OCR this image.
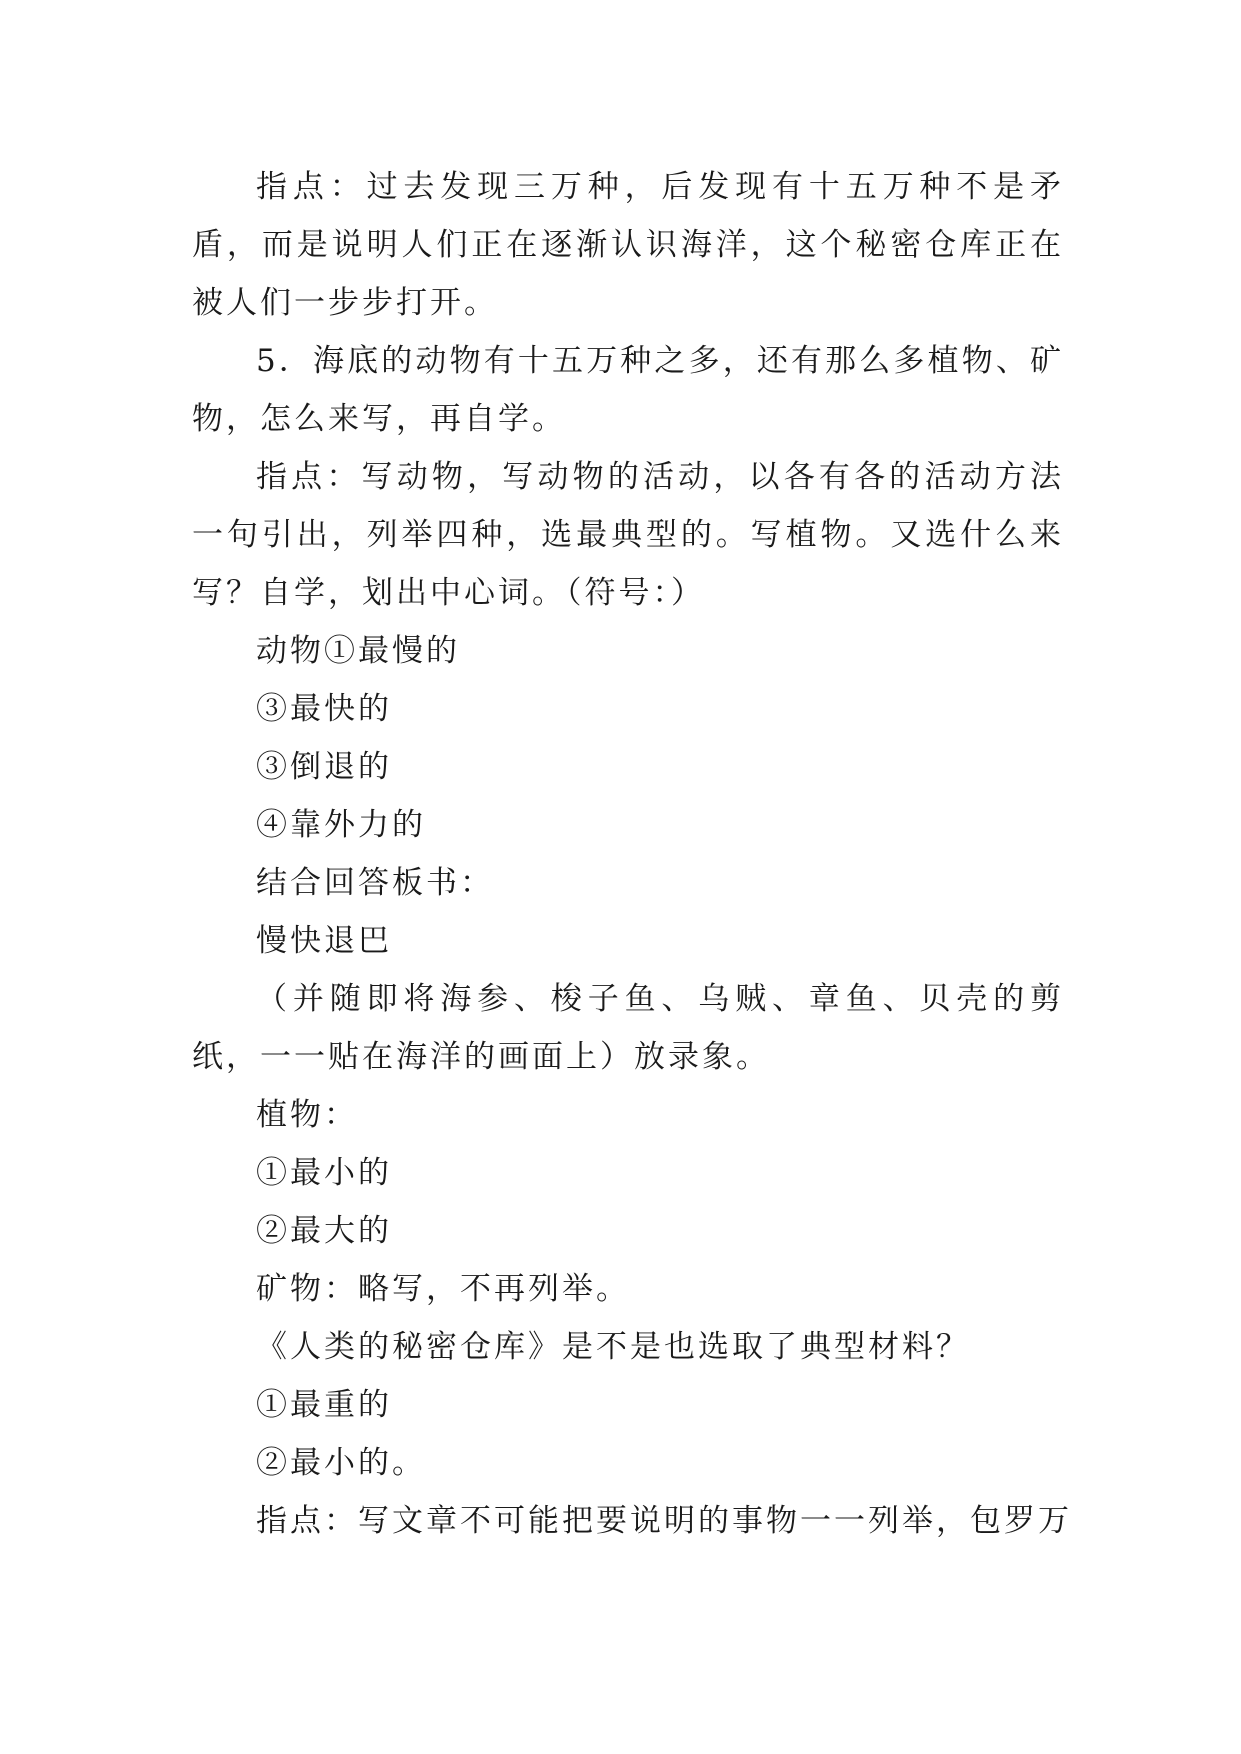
指点：过去发现三万种，后发现有十五万种不是矛盾，而是说明人们正在逐渐认识海洋，这个秘密仓库正在被人们一步步打开。

5．海底的动物有十五万种之多，还有那么多植物、矿物，怎么来写，再自学。

指点：写动物，写动物的活动，以各有各的活动方法一句引出，列举四种，选最典型的。写植物。又选什么来写？自学，划出中心词。（符号：）

动物①最慢的

③最快的

③倒退的

④靠外力的

结合回答板书：

慢快退巴

（并随即将海参、梭子鱼、乌贼、章鱼、贝壳的剪纸，一一贴在海洋的画面上）放录象。

植物：

①最小的

②最大的

矿物：略写，不再列举。

《人类的秘密仓库》是不是也选取了典型材料？

①最重的

②最小的。

指点：写文章不可能把要说明的事物一一列举，包罗万
